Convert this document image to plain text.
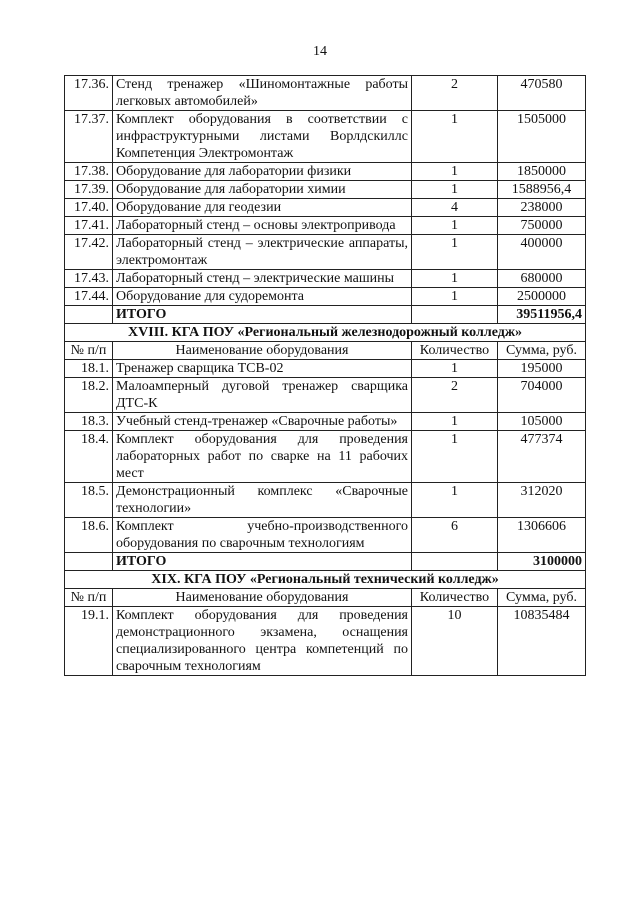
14
17.36.	Стенд тренажер «Шиномонтажные работы легковых автомобилей»	2	470580
17.37.	Комплект оборудования в соответствии с инфраструктурными листами Ворлдскиллс Компетенция Электромонтаж	1	1505000
17.38.	Оборудование для лаборатории физики	1	1850000
17.39.	Оборудование для лаборатории химии	1	1588956,4
17.40.	Оборудование для геодезии	4	238000
17.41.	Лабораторный стенд – основы электропривода	1	750000
17.42.	Лабораторный стенд – электрические аппараты, электромонтаж	1	400000
17.43.	Лабораторный стенд – электрические машины	1	680000
17.44.	Оборудование для судоремонта	1	2500000
	ИТОГО		39511956,4
XVIII. КГА ПОУ «Региональный железнодорожный колледж»			
№ п/п	Наименование оборудования	Количество	Сумма, руб.
18.1.	Тренажер сварщика ТСВ-02	1	195000
18.2.	Малоамперный дуговой тренажер сварщика ДТС-К	2	704000
18.3.	Учебный стенд-тренажер «Сварочные работы»	1	105000
18.4.	Комплект оборудования для проведения лабораторных работ по сварке на 11 рабочих мест	1	477374
18.5.	Демонстрационный комплекс «Сварочные технологии»	1	312020
18.6.	Комплект учебно-производственного оборудования по сварочным технологиям	6	1306606
	ИТОГО		3100000
XIX. КГА ПОУ «Региональный технический колледж»			
№ п/п	Наименование оборудования	Количество	Сумма, руб.
19.1.	Комплект оборудования для проведения демонстрационного экзамена, оснащения специализированного центра компетенций по сварочным технологиям	10	10835484
